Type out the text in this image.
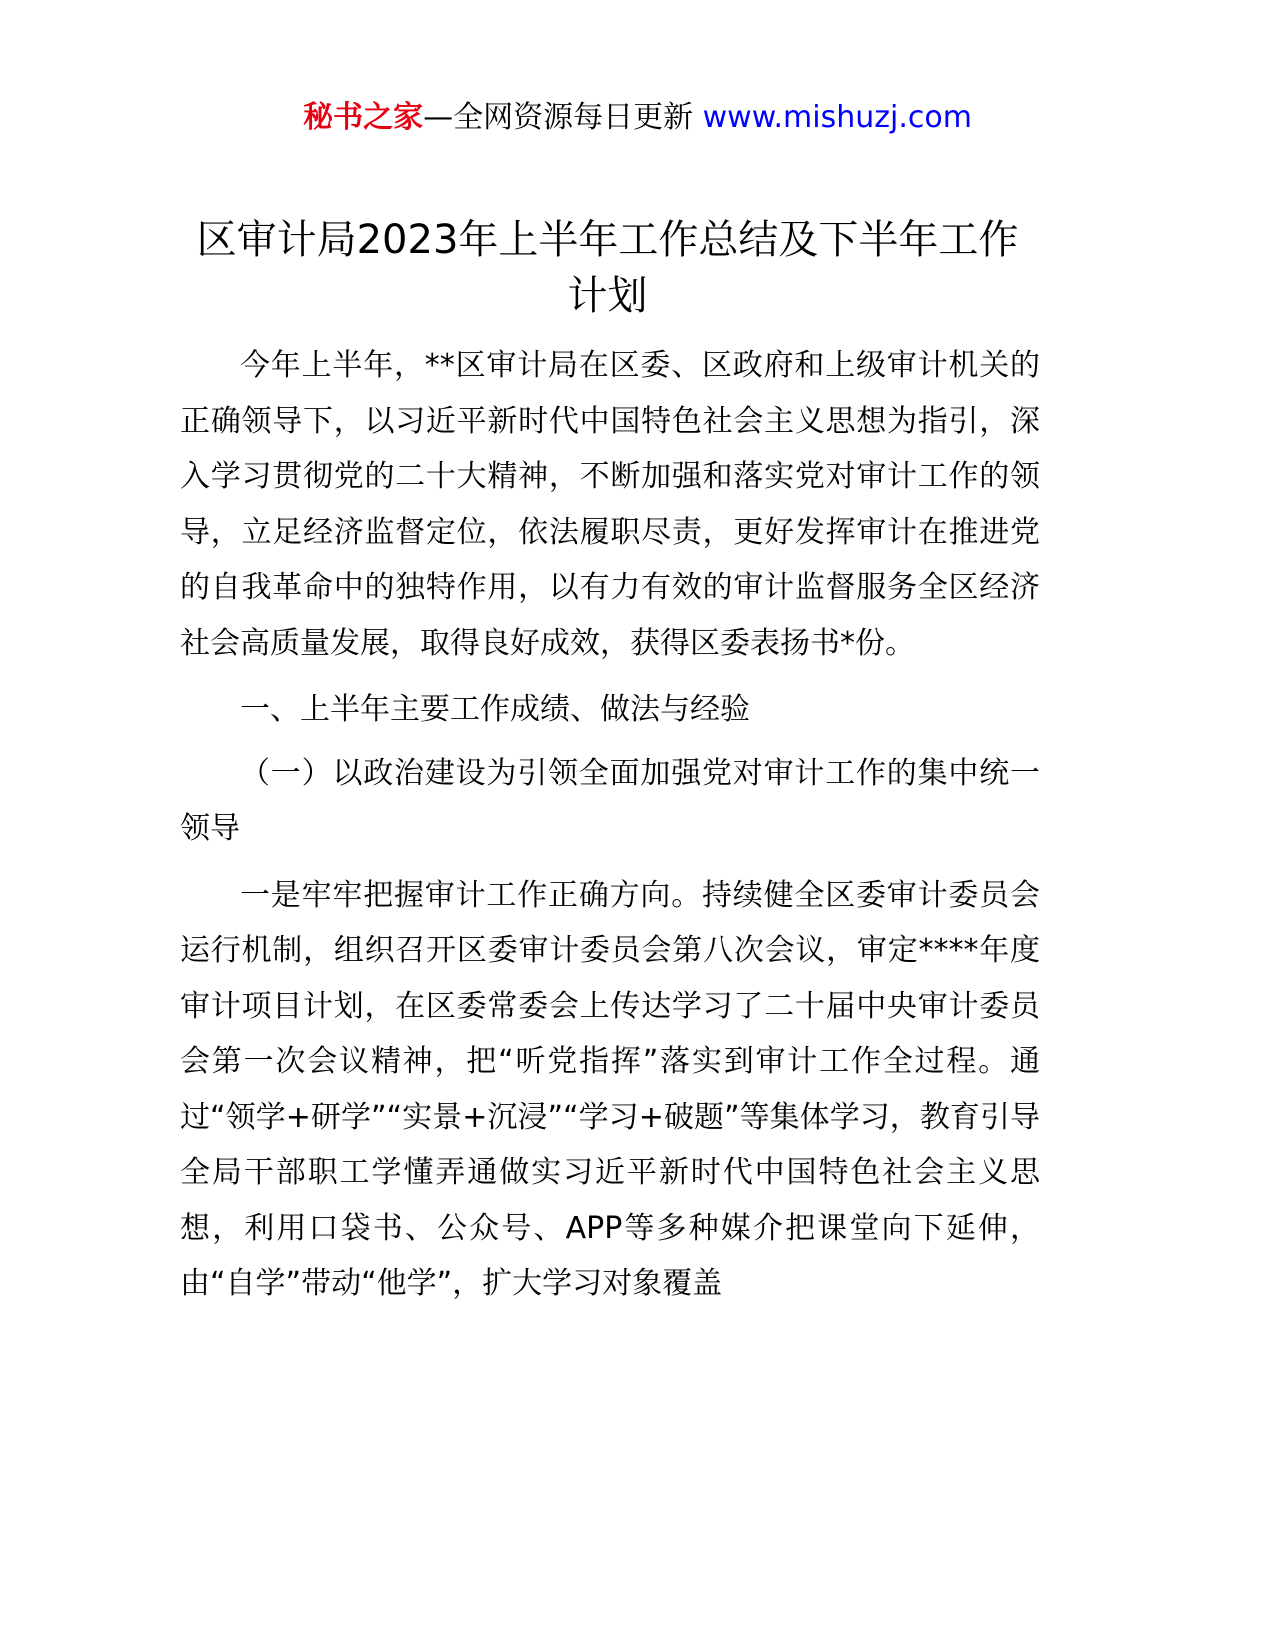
秘书之家—全网资源每日更新 www.mishuzj.com
区审计局2023年上半年工作总结及下半年工作计划

今年上半年，**区审计局在区委、区政府和上级审计机关的正确领导下，以习近平新时代中国特色社会主义思想为指引，深入学习贯彻党的二十大精神，不断加强和落实党对审计工作的领导，立足经济监督定位，依法履职尽责，更好发挥审计在推进党的自我革命中的独特作用，以有力有效的审计监督服务全区经济社会高质量发展，取得良好成效，获得区委表扬书*份。

一、上半年主要工作成绩、做法与经验

（一）以政治建设为引领全面加强党对审计工作的集中统一领导

一是牢牢把握审计工作正确方向。持续健全区委审计委员会运行机制，组织召开区委审计委员会第八次会议，审定****年度审计项目计划，在区委常委会上传达学习了二十届中央审计委员会第一次会议精神，把“听党指挥”落实到审计工作全过程。通过“领学+研学”“实景+沉浸”“学习+破题”等集体学习，教育引导全局干部职工学懂弄通做实习近平新时代中国特色社会主义思想，利用口袋书、公众号、APP等多种媒介把课堂向下延伸，由“自学”带动“他学”，扩大学习对象覆盖
